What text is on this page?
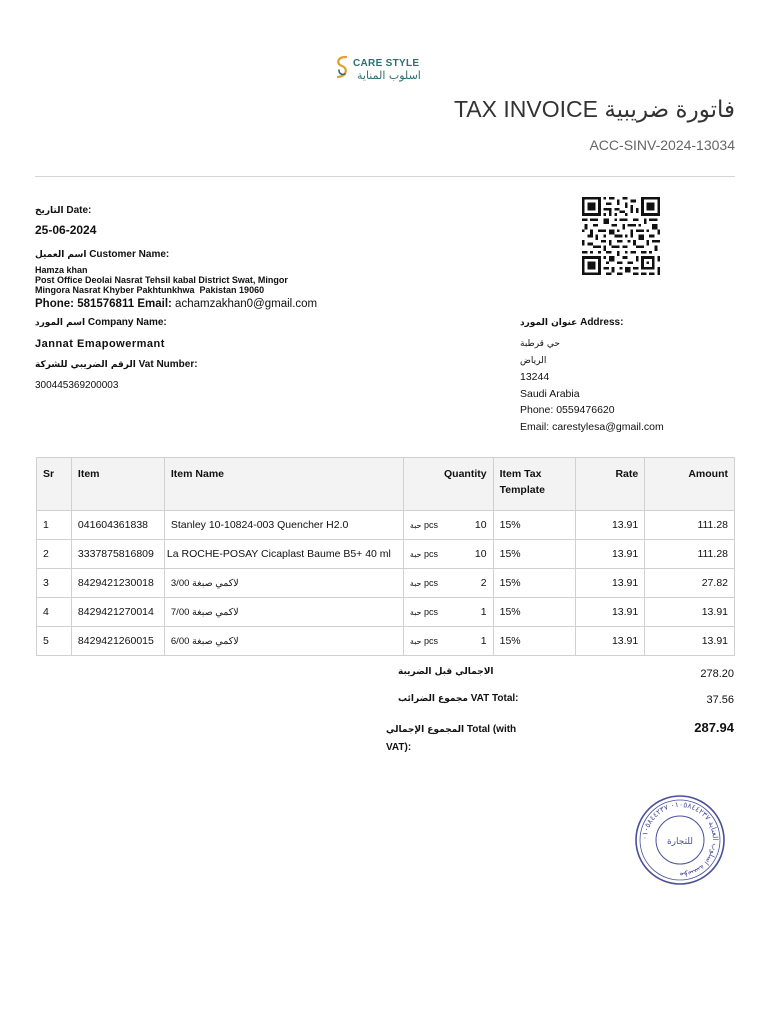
CARE STYLE
اسلوب المناية
TAX INVOICE فاتورة ضريبية
ACC-SINV-2024-13034
التاريخ Date:
25-06-2024
اسم العميل Customer Name:
Hamza khan
Post Office Deolai Nasrat Tehsil kabal District Swat, Mingor
Mingora Nasrat Khyber Pakhtunkhwa  Pakistan 19060
Phone: 581576811 Email: achamzakhan0@gmail.com
اسم المورد Company Name:
Jannat Emapowermant
الرقم الضريبي للشركة Vat Number:
300445369200003
عنوان المورد Address:
حي قرطبة
الرياض
13244
Saudi Arabia
Phone: 0559476620
Email: carestylesa@gmail.com
Sr	Item	Item Name	Quantity	Item Tax Template	Rate	Amount
1	041604361838	Stanley 10-10824-003 Quencher H2.0	حبة pcs 10	15%	13.91	111.28
2	3337875816809	La ROCHE-POSAY Cicaplast Baume B5+ 40 ml	حبة pcs 10	15%	13.91	111.28
3	8429421230018	3/00 لاكمي صبغة	حبة pcs 2	15%	13.91	27.82
4	8429421270014	7/00 لاكمي صبغة	حبة pcs 1	15%	13.91	13.91
5	8429421260015	6/00 لاكمي صبغة	حبة pcs 1	15%	13.91	13.91
الاجمالي قبل الضريبة	278.20
مجموع الضرائب VAT Total:	37.56
المجموع الإجمالي Total (with VAT):
287.94
مؤسسة اسلوب العناية ٠١٠٥٨٤٤٢٣٧ ٠١٠٥٨٤٤٢٣٧
للتجارة
